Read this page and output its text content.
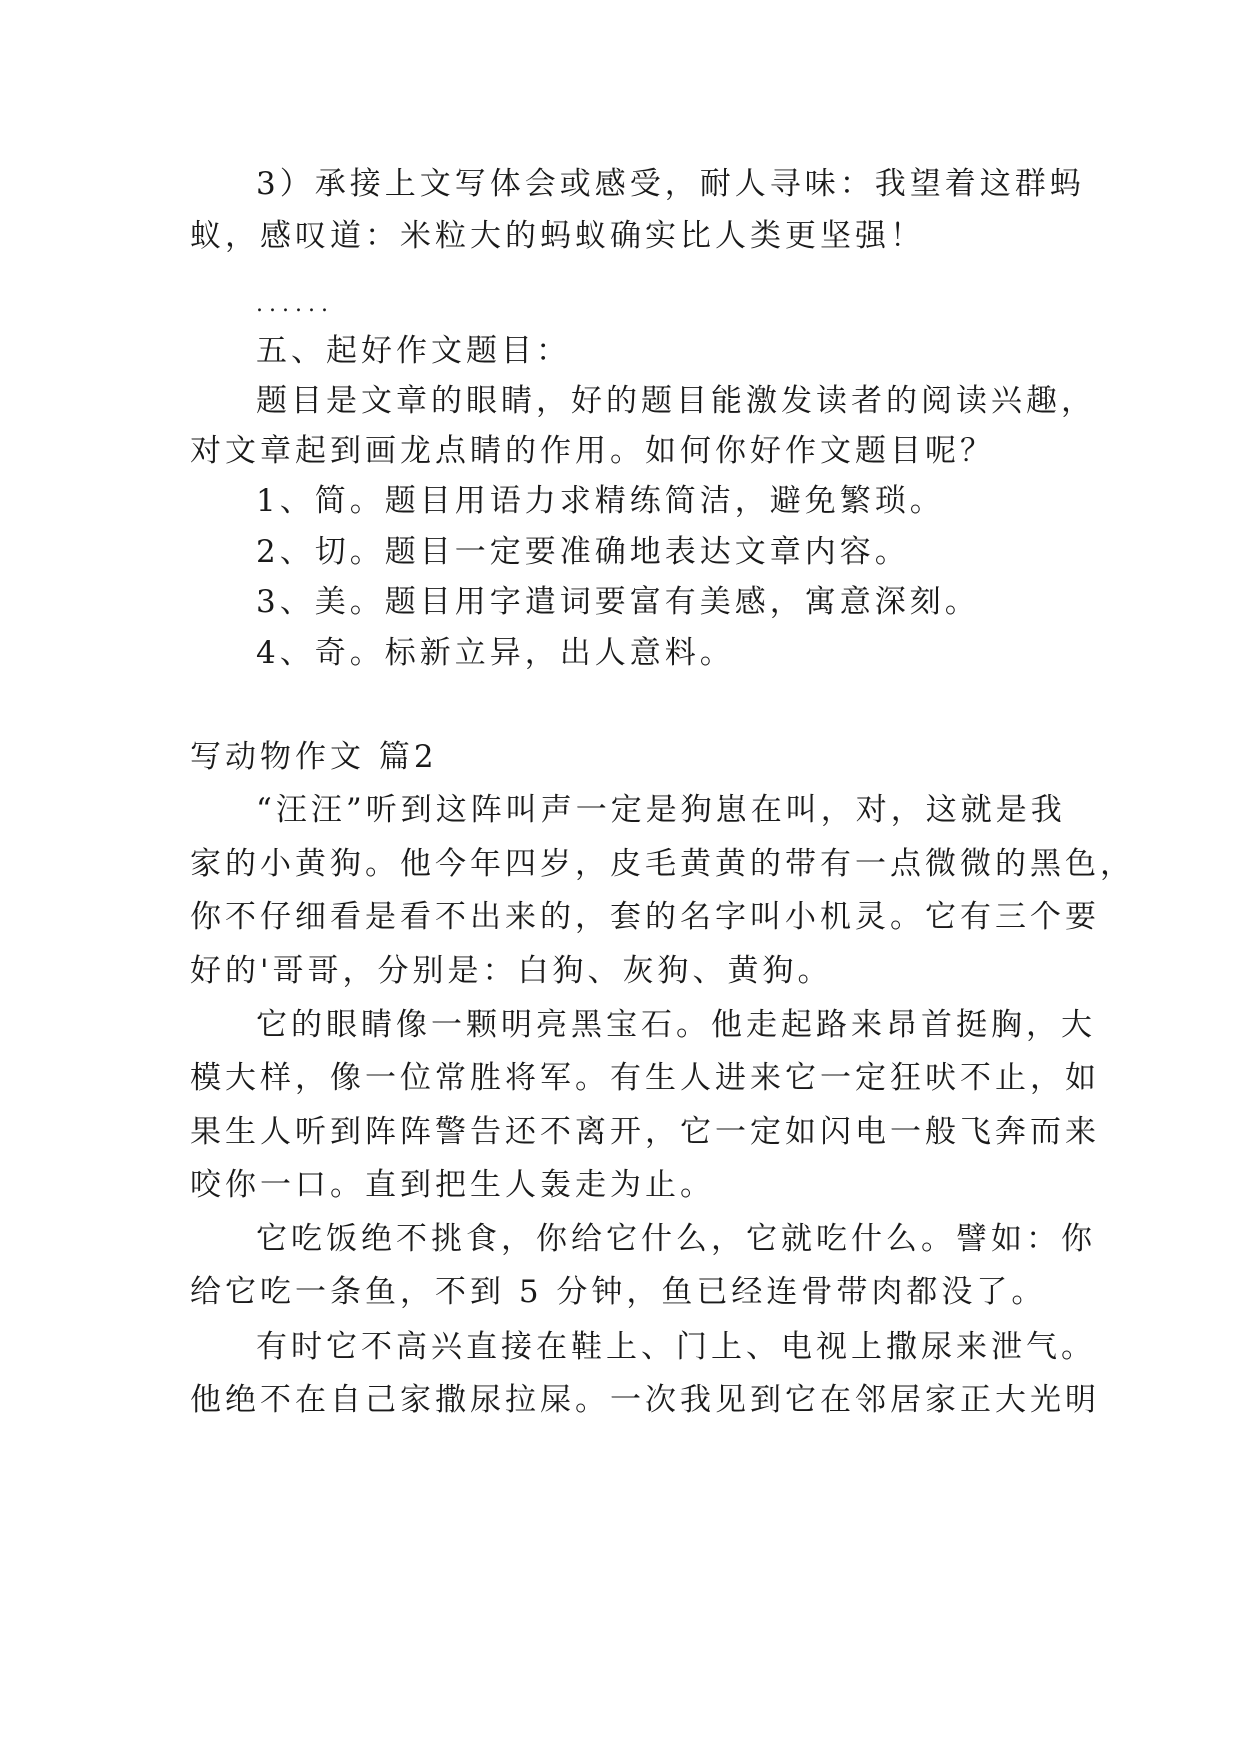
3）承接上文写体会或感受，耐人寻味：我望着这群蚂
蚁，感叹道：米粒大的蚂蚁确实比人类更坚强！
......
五、起好作文题目：
题目是文章的眼睛，好的题目能激发读者的阅读兴趣，
对文章起到画龙点睛的作用。如何你好作文题目呢？
1、简。题目用语力求精练简洁，避免繁琐。
2、切。题目一定要准确地表达文章内容。
3、美。题目用字遣词要富有美感，寓意深刻。
4、奇。标新立异，出人意料。
写动物作文 篇2
“汪汪”听到这阵叫声一定是狗崽在叫，对，这就是我
家的小黄狗。他今年四岁，皮毛黄黄的带有一点微微的黑色，
你不仔细看是看不出来的，套的名字叫小机灵。它有三个要
好的'哥哥，分别是：白狗、灰狗、黄狗。
它的眼睛像一颗明亮黑宝石。他走起路来昂首挺胸，大
模大样，像一位常胜将军。有生人进来它一定狂吠不止，如
果生人听到阵阵警告还不离开，它一定如闪电一般飞奔而来
咬你一口。直到把生人轰走为止。
它吃饭绝不挑食，你给它什么，它就吃什么。譬如：你
给它吃一条鱼，不到 5 分钟，鱼已经连骨带肉都没了。
有时它不高兴直接在鞋上、门上、电视上撒尿来泄气。
他绝不在自己家撒尿拉屎。一次我见到它在邻居家正大光明
